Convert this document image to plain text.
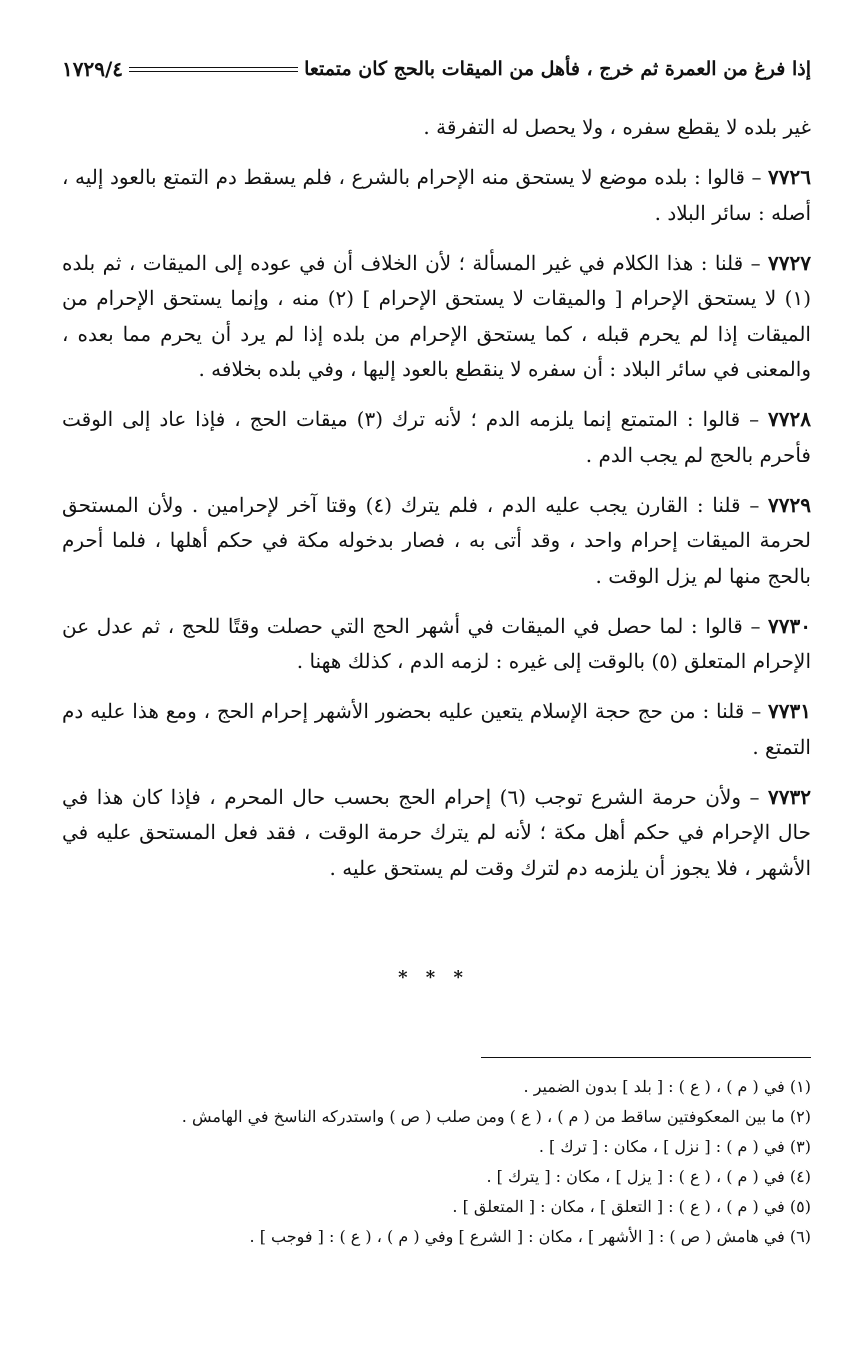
إذا فرغ من العمرة ثم خرج ، فأهل من الميقات بالحج كان متمتعا
١٧٢٩/٤

غير بلده لا يقطع سفره ، ولا يحصل له التفرقة .

٧٧٢٦ – قالوا : بلده موضع لا يستحق منه الإحرام بالشرع ، فلم يسقط دم التمتع بالعود إليه ، أصله : سائر البلاد .

٧٧٢٧ – قلنا : هذا الكلام في غير المسألة ؛ لأن الخلاف أن في عوده إلى الميقات ، ثم بلده (١) لا يستحق الإحرام [ والميقات لا يستحق الإحرام ] (٢) منه ، وإنما يستحق الإحرام من الميقات إذا لم يحرم قبله ، كما يستحق الإحرام من بلده إذا لم يرد أن يحرم مما بعده ، والمعنى في سائر البلاد : أن سفره لا ينقطع بالعود إليها ، وفي بلده بخلافه .

٧٧٢٨ – قالوا : المتمتع إنما يلزمه الدم ؛ لأنه ترك (٣) ميقات الحج ، فإذا عاد إلى الوقت فأحرم بالحج لم يجب الدم .

٧٧٢٩ – قلنا : القارن يجب عليه الدم ، فلم يترك (٤) وقتا آخر لإحرامين . ولأن المستحق لحرمة الميقات إحرام واحد ، وقد أتى به ، فصار بدخوله مكة في حكم أهلها ، فلما أحرم بالحج منها لم يزل الوقت .

٧٧٣٠ – قالوا : لما حصل في الميقات في أشهر الحج التي حصلت وقتًا للحج ، ثم عدل عن الإحرام المتعلق (٥) بالوقت إلى غيره : لزمه الدم ، كذلك ههنا .

٧٧٣١ – قلنا : من حج حجة الإسلام يتعين عليه بحضور الأشهر إحرام الحج ، ومع هذا عليه دم التمتع .

٧٧٣٢ – ولأن حرمة الشرع توجب (٦) إحرام الحج بحسب حال المحرم ، فإذا كان هذا في حال الإحرام في حكم أهل مكة ؛ لأنه لم يترك حرمة الوقت ، فقد فعل المستحق عليه في الأشهر ، فلا يجوز أن يلزمه دم لترك وقت لم يستحق عليه .

* * *

(١) في ( م ) ، ( ع ) : [ بلد ] بدون الضمير .

(٢) ما بين المعكوفتين ساقط من ( م ) ، ( ع ) ومن صلب ( ص ) واستدركه الناسخ في الهامش .

(٣) في ( م ) : [ نزل ] ، مكان : [ ترك ] .

(٤) في ( م ) ، ( ع ) : [ يزل ] ، مكان : [ يترك ] .

(٥) في ( م ) ، ( ع ) : [ التعلق ] ، مكان : [ المتعلق ] .

(٦) في هامش ( ص ) : [ الأشهر ] ، مكان : [ الشرع ] وفي ( م ) ، ( ع ) : [ فوجب ] .
